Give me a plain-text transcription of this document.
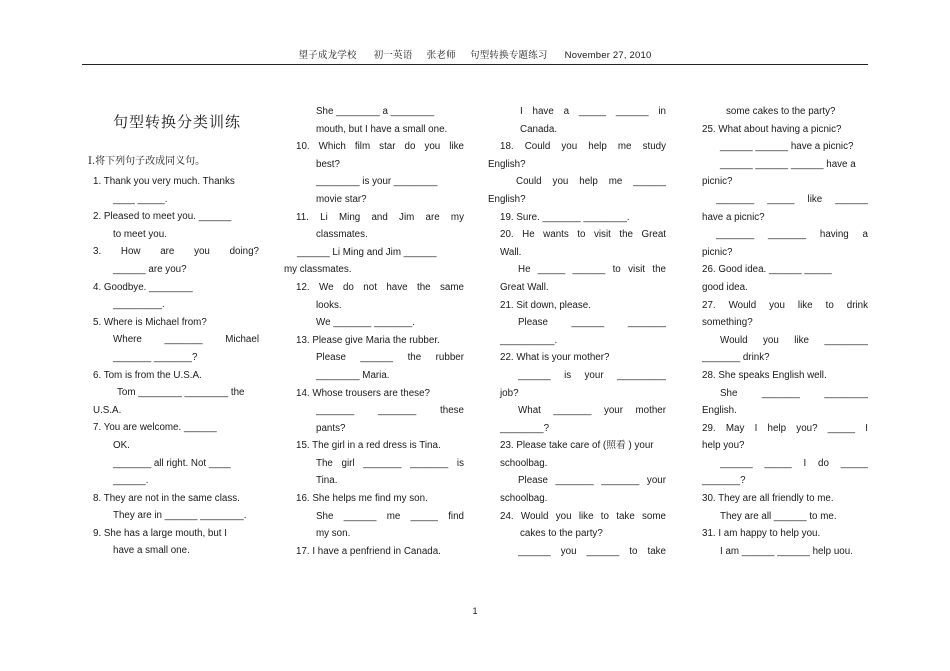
望子成龙学校      初一英语     张老师     句型转换专题练习      November 27, 2010
句型转换分类训练
Ⅰ.将下列句子改成同义句。
1. Thank you very much. Thanks
____ _____.
2. Pleased to meet you. ______
to meet you.
3. How are you doing?
______ are you?
4. Goodbye. ________
_________.
5. Where is Michael from?
Where _______ Michael
_______ _______?
6. Tom is from the U.S.A.
Tom ________ ________ the
U.S.A.
7. You are welcome. ______
OK.
_______ all right. Not ____
______.
8. They are not in the same class.
They are in ______ ________.
9. She has a large mouth, but I
have a small one.
She ________ a ________
mouth, but I have a small one.
10. Which film star do you like
best?
________ is your ________
movie star?
11. Li Ming and Jim are my
classmates.
______ Li Ming and Jim ______
my classmates.
12. We do not have the same
looks.
We _______ _______.
13. Please give Maria the rubber.
Please ______ the rubber
________ Maria.
14. Whose trousers are these?
_______ _______ these
pants?
15. The girl in a red dress is Tina.
The girl _______ _______ is
Tina.
16. She helps me find my son.
She ______ me _____ find
my son.
17. I have a penfriend in Canada.
I have a _____ ______ in
Canada.
18. Could you help me study
English?
Could you help me ______
English?
19. Sure. _______ ________.
20. He wants to visit the Great
Wall.
He _____ ______ to visit the
Great Wall.
21. Sit down, please.
Please ______ _______
__________.
22. What is your mother?
______ is your _________
job?
What _______ your mother
________?
23. Please take care of (照看 ) your
schoolbag.
Please _______ _______ your
schoolbag.
24. Would you like to take some
cakes to the party?
______ you ______ to take
some cakes to the party?
25. What about having a picnic?
______ ______ have a picnic?
______ ______ ______ have a
picnic?
_______ _____ like ______
have a picnic?
_______ _______ having a
picnic?
26. Good idea. ______ _____
good idea.
27. Would you like to drink
something?
Would you like ________
_______ drink?
28. She speaks English well.
She _______ ________
English.
29. May I help you? _____ I
help you?
______ _____ I do _____
_______?
30. They are all friendly to me.
They are all ______ to me.
31. I am happy to help you.
I am ______ ______ help uou.
1
